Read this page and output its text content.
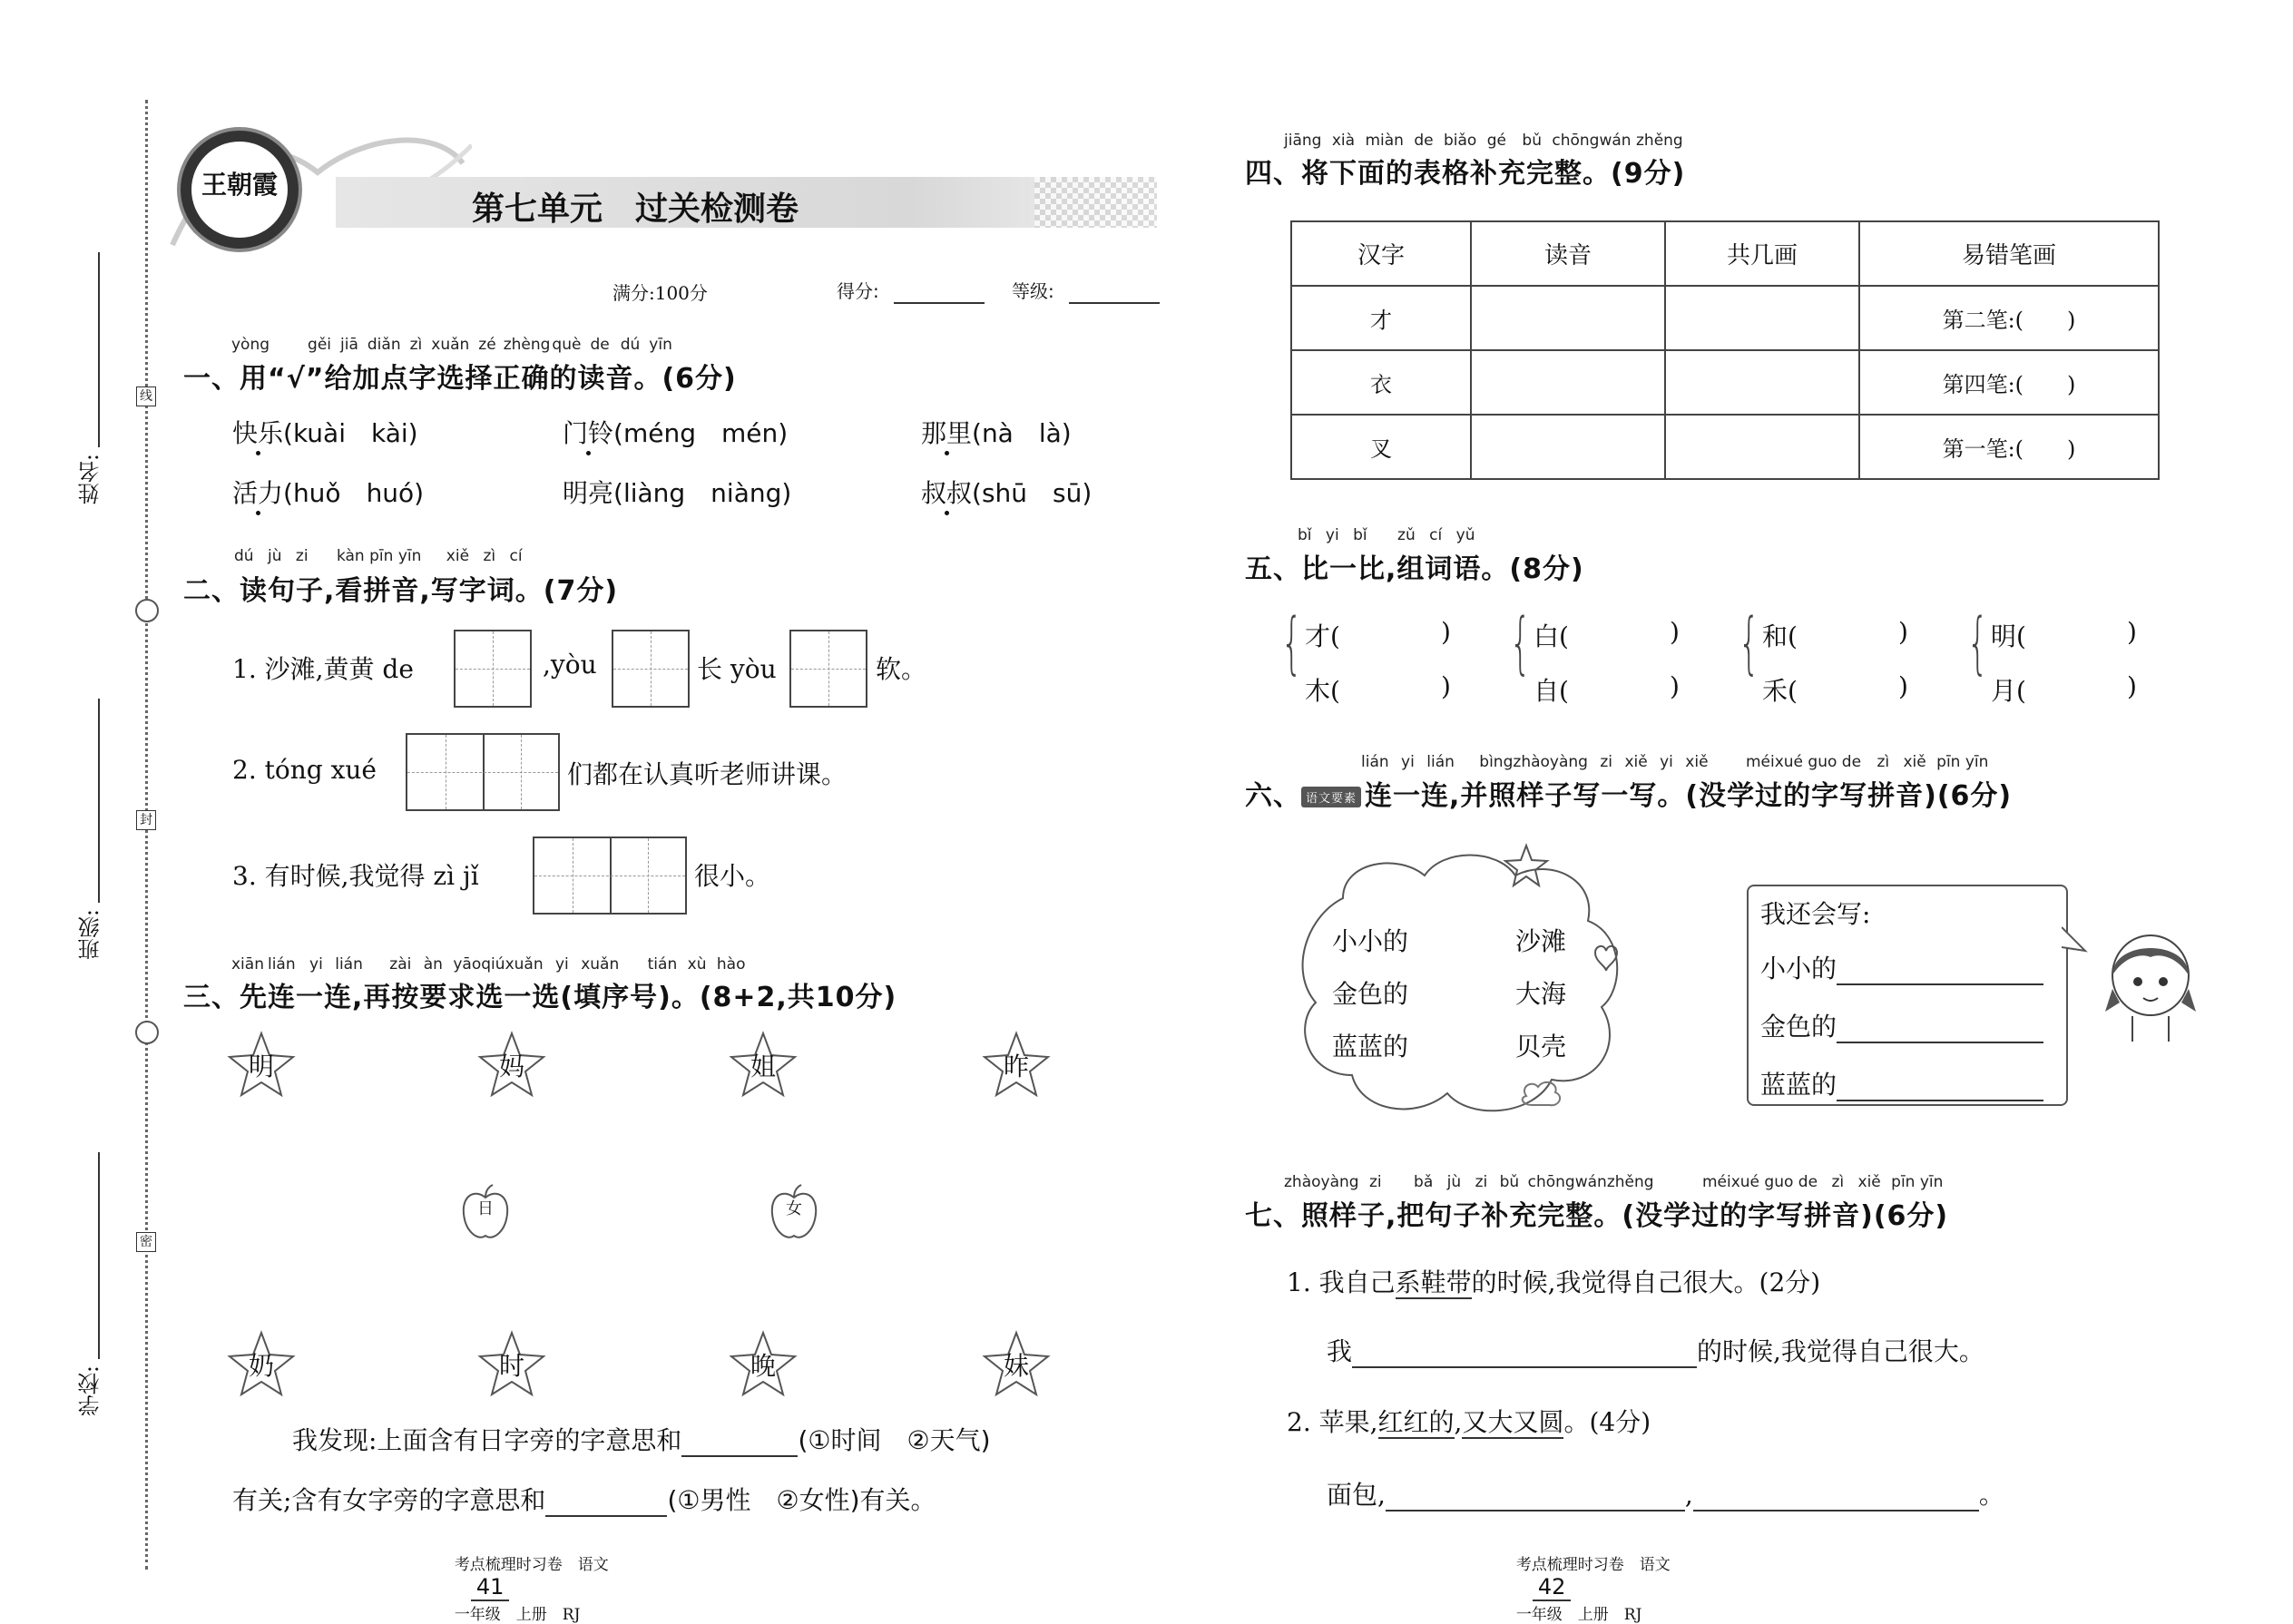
线
封
密
姓名:
班级:
学校:
王朝霞
第七单元　过关检测卷
满分:100分	得分:	等级:
yòng gěi jiā diǎn zì xuǎn zé zhèng què de dú yīn
一、用“√”给加点字选择正确的读音。(6分)
快乐(kuài　kài)	门铃(méng　mén)	那里(nà　là)
活力(huǒ　huó)	明亮(liàng　niàng)	叔叔(shū　sū)
dú jù zi kàn pīn yīn xiě zì cí
二、读句子,看拼音,写字词。(7分)
1. 沙滩,黄黄 de	,yòu	长 yòu	软。
2. tóng xué	们都在认真听老师讲课。
3. 有时候,我觉得 zì jǐ	很小。
xiān lián yi lián zài àn yāoqiúxuǎn yi xuǎn tián xù hào
三、先连一连,再按要求选一选(填序号)。(8+2,共10分)
明	妈	姐	昨
日	女
奶	时	晚	妹
我发现:上面含有日字旁的字意思和	(①时间　②天气)
有关;含有女字旁的字意思和	(①男性　②女性)有关。

考点梳理时习卷　语文
41
一年级　上册　RJ

jiāng xià miàn de biǎo gé bǔ chōngwán zhěng
四、将下面的表格补充完整。(9分)
汉字	读音	共几画	易错笔画
才			第二笔:(　　)
衣			第四笔:(　　)
叉			第一笔:(　　)
bǐ yi bǐ zǔ cí yǔ
五、比一比,组词语。(8分)
{ 才(	)
木(	)
{ 白(	)
自(	)
{ 和(	)
禾(	)
{ 明(	)
月(	)
lián yi lián bìngzhàoyàng zi xiě yi xiě méixué guo de zì xiě pīn yīn
六、 语文要素 连一连,并照样子写一写。(没学过的字写拼音)(6分)
小小的
金色的
蓝蓝的
沙滩
大海
贝壳
我还会写:
小小的
金色的
蓝蓝的
zhàoyàng zi bǎ jù zi bǔ chōngwánzhěng	méixué guo de zì xiě pīn yīn
七、照样子,把句子补充完整。(没学过的字写拼音)(6分)
1. 我自己系鞋带的时候,我觉得自己很大。(2分)
我	的时候,我觉得自己很大。
2. 苹果,红红的,又大又圆。(4分)
面包,	,	。

考点梳理时习卷　语文
42
一年级　上册　RJ
